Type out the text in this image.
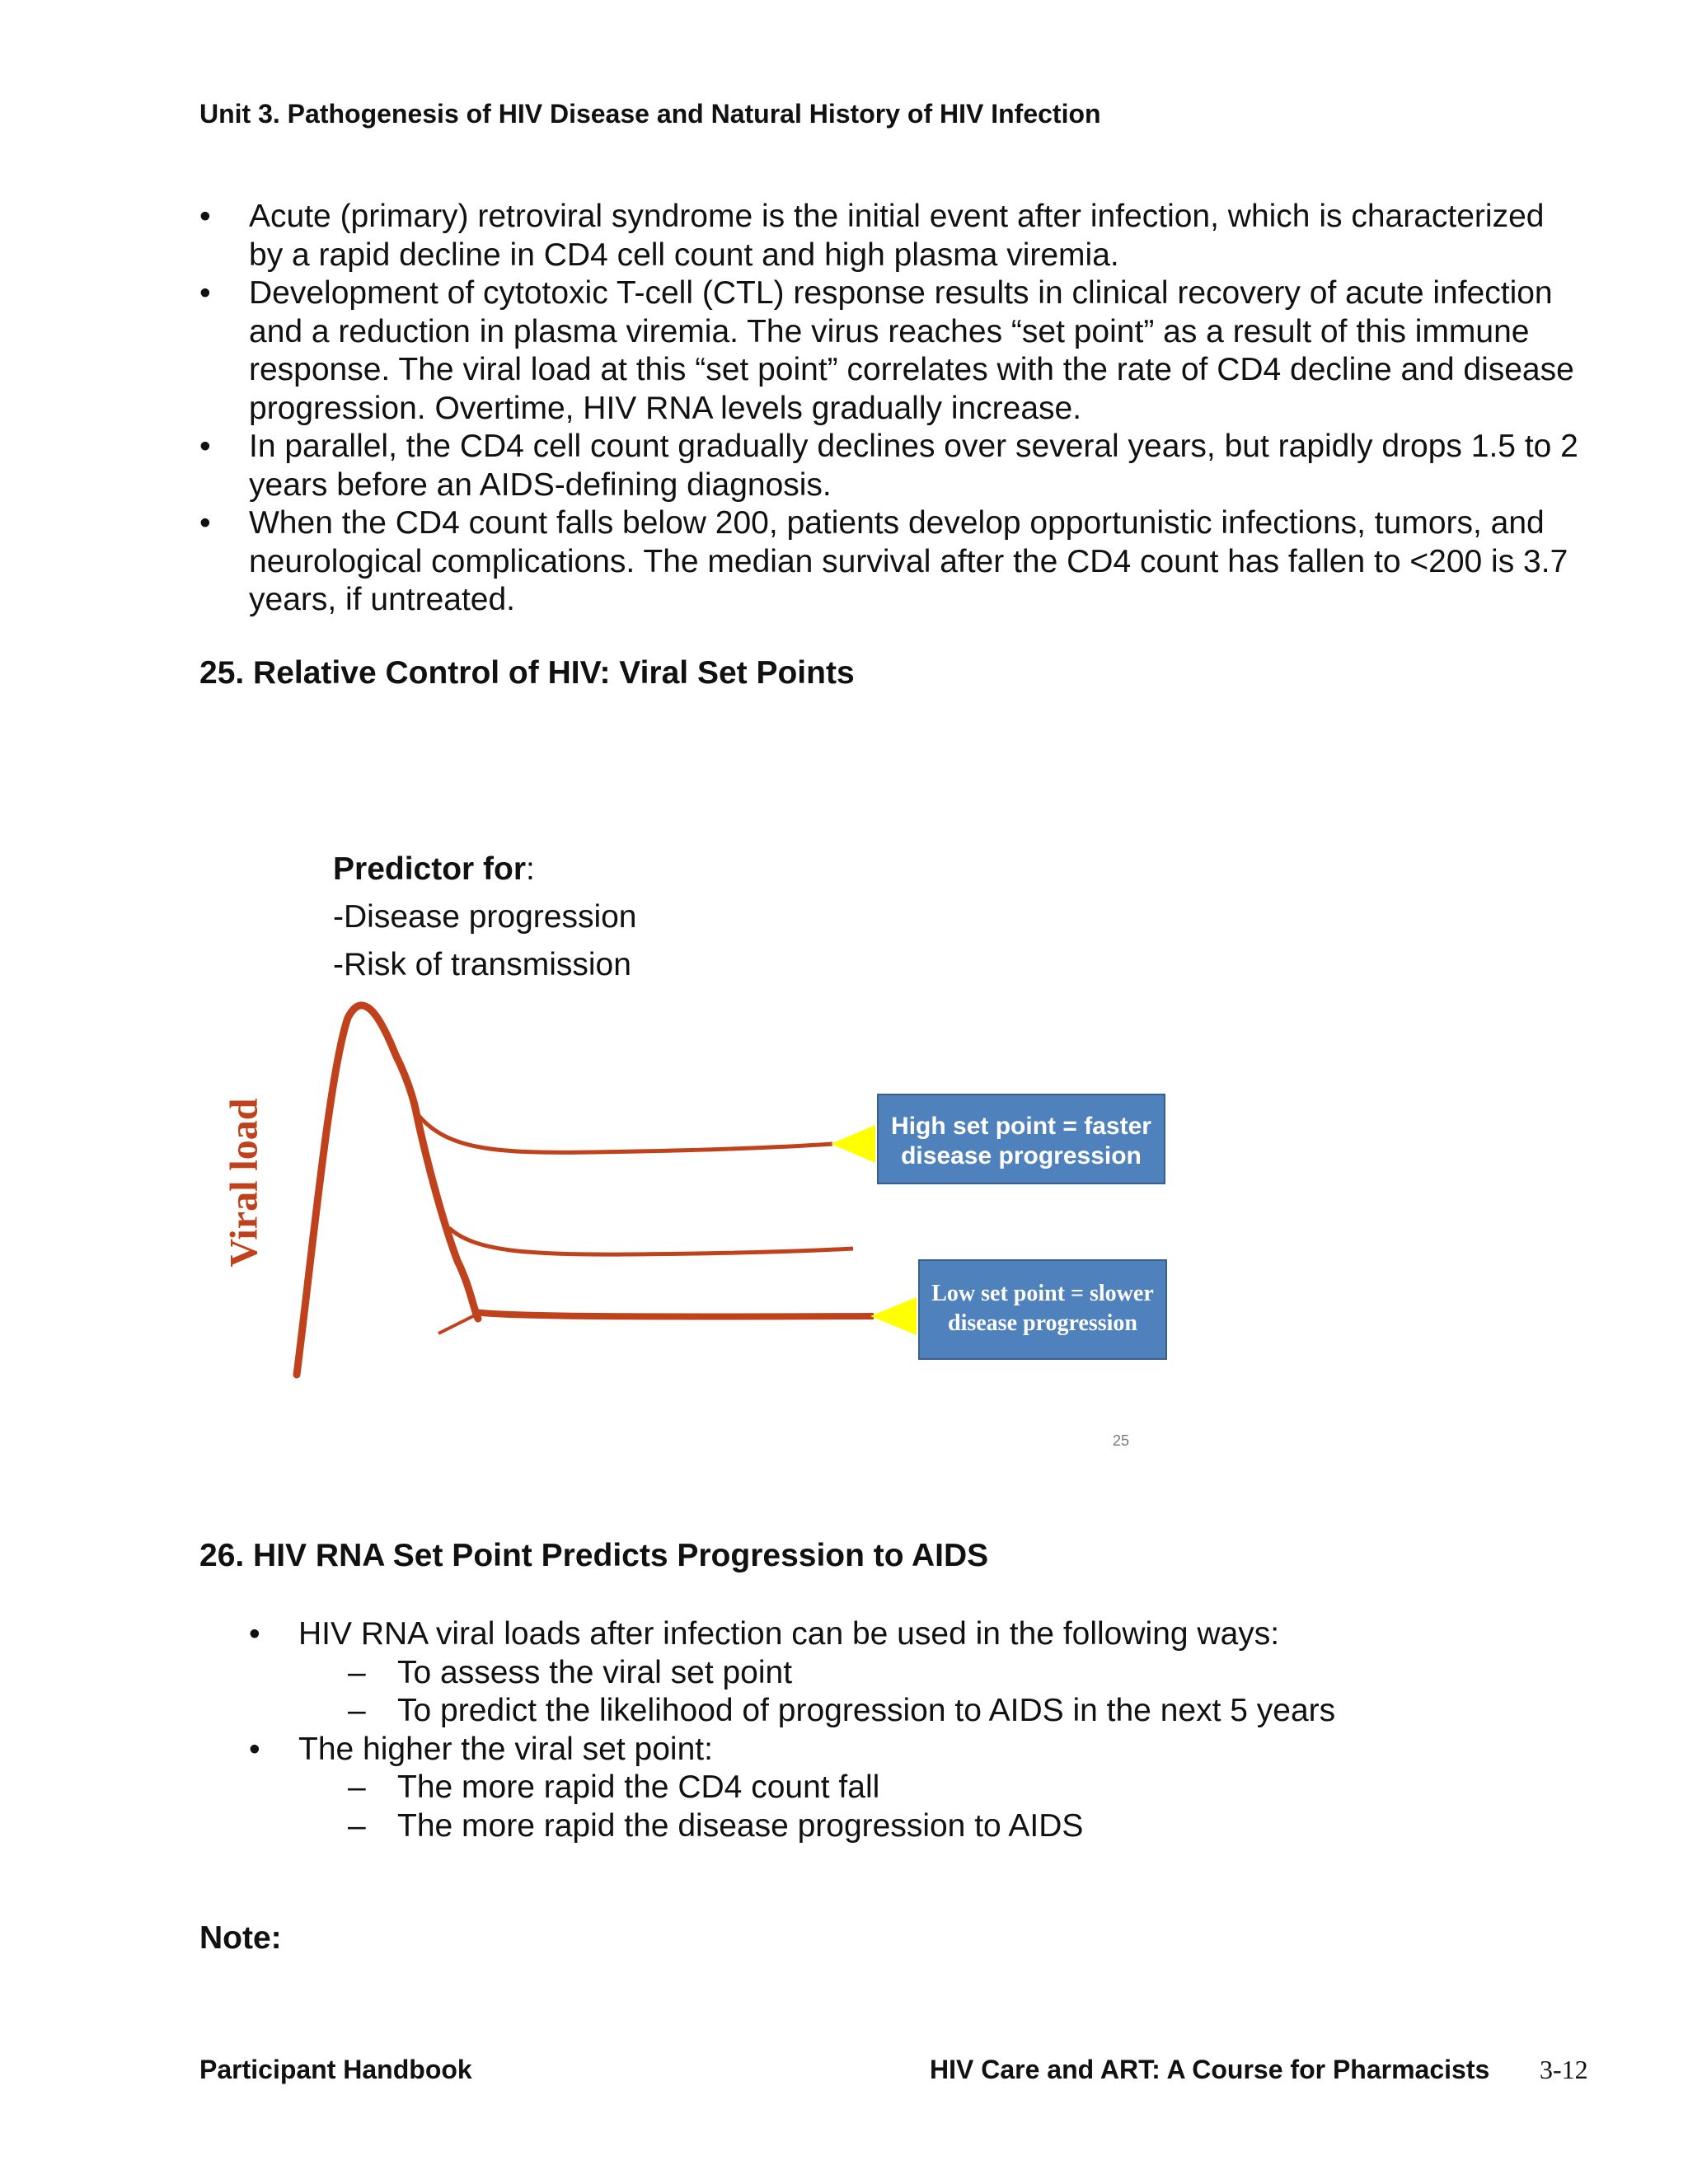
Unit 3. Pathogenesis of HIV Disease and Natural History of HIV Infection
• Acute (primary) retroviral syndrome is the initial event after infection, which is characterized by a rapid decline in CD4 cell count and high plasma viremia.
• Development of cytotoxic T-cell (CTL) response results in clinical recovery of acute infection and a reduction in plasma viremia. The virus reaches “set point” as a result of this immune response. The viral load at this “set point” correlates with the rate of CD4 decline and disease progression. Overtime, HIV RNA levels gradually increase.
• In parallel, the CD4 cell count gradually declines over several years, but rapidly drops 1.5 to 2 years before an AIDS-defining diagnosis.
• When the CD4 count falls below 200, patients develop opportunistic infections, tumors, and neurological complications. The median survival after the CD4 count has fallen to <200 is 3.7 years, if untreated.
25. Relative Control of HIV: Viral Set Points
Predictor for:
-Disease progression
-Risk of transmission
Viral load	High set point = faster
disease progression
Low set point = slower
disease progression
25
26. HIV RNA Set Point Predicts Progression to AIDS
• HIV RNA viral loads after infection can be used in the following ways:
– To assess the viral set point
– To predict the likelihood of progression to AIDS in the next 5 years
• The higher the viral set point:
– The more rapid the CD4 count fall
– The more rapid the disease progression to AIDS
Note:
Participant Handbook	HIV Care and ART: A Course for Pharmacists 3-12
